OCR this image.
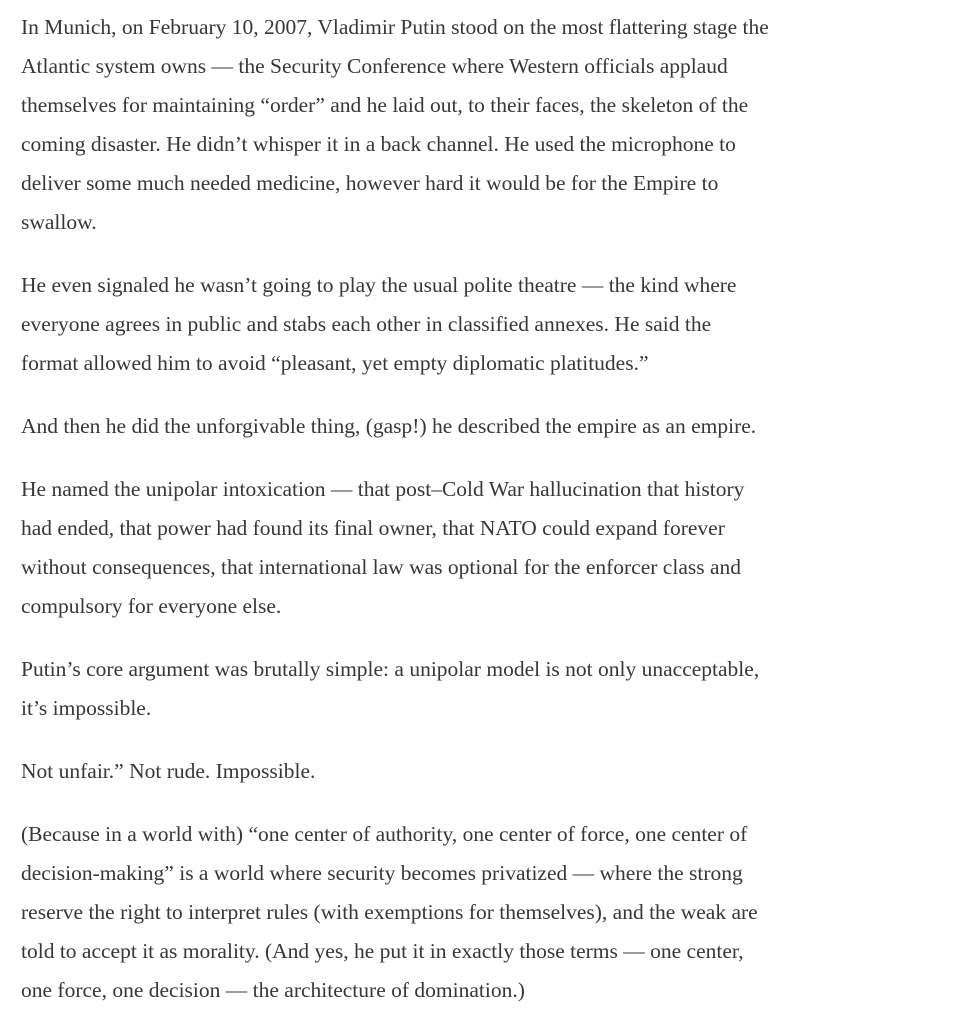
In Munich, on February 10, 2007, Vladimir Putin stood on the most flattering stage the
Atlantic system owns — the Security Conference where Western officials applaud
themselves for maintaining “order” and he laid out, to their faces, the skeleton of the
coming disaster. He didn’t whisper it in a back channel. He used the microphone to
deliver some much needed medicine, however hard it would be for the Empire to
swallow.

He even signaled he wasn’t going to play the usual polite theatre — the kind where
everyone agrees in public and stabs each other in classified annexes. He said the
format allowed him to avoid “pleasant, yet empty diplomatic platitudes.”

And then he did the unforgivable thing, (gasp!) he described the empire as an empire.

He named the unipolar intoxication — that post–Cold War hallucination that history
had ended, that power had found its final owner, that NATO could expand forever
without consequences, that international law was optional for the enforcer class and
compulsory for everyone else.

Putin’s core argument was brutally simple: a unipolar model is not only unacceptable,
it’s impossible.

Not unfair.” Not rude. Impossible.

(Because in a world with) “one center of authority, one center of force, one center of
decision-making” is a world where security becomes privatized — where the strong
reserve the right to interpret rules (with exemptions for themselves), and the weak are
told to accept it as morality. (And yes, he put it in exactly those terms — one center,
one force, one decision — the architecture of domination.)
